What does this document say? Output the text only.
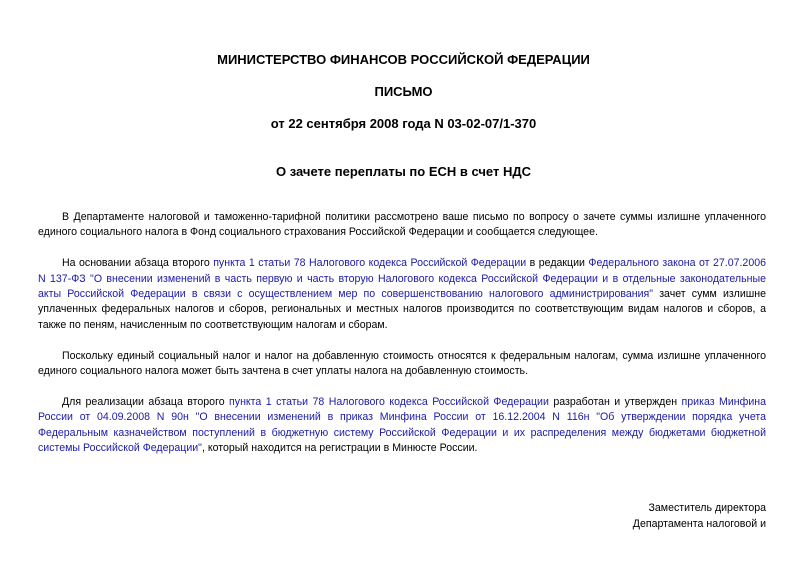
МИНИСТЕРСТВО ФИНАНСОВ РОССИЙСКОЙ ФЕДЕРАЦИИ
ПИСЬМО
от 22 сентября 2008 года N 03-02-07/1-370
О зачете переплаты по ЕСН в счет НДС

В Департаменте налоговой и таможенно-тарифной политики рассмотрено ваше письмо по вопросу о зачете суммы излишне уплаченного единого социального налога в Фонд социального страхования Российской Федерации и сообщается следующее.

На основании абзаца второго пункта 1 статьи 78 Налогового кодекса Российской Федерации в редакции Федерального закона от 27.07.2006 N 137-ФЗ "О внесении изменений в часть первую и часть вторую Налогового кодекса Российской Федерации и в отдельные законодательные акты Российской Федерации в связи с осуществлением мер по совершенствованию налогового администрирования" зачет сумм излишне уплаченных федеральных налогов и сборов, региональных и местных налогов производится по соответствующим видам налогов и сборов, а также по пеням, начисленным по соответствующим налогам и сборам.

Поскольку единый социальный налог и налог на добавленную стоимость относятся к федеральным налогам, сумма излишне уплаченного единого социального налога может быть зачтена в счет уплаты налога на добавленную стоимость.

Для реализации абзаца второго пункта 1 статьи 78 Налогового кодекса Российской Федерации разработан и утвержден приказ Минфина России от 04.09.2008 N 90н "О внесении изменений в приказ Минфина России от 16.12.2004 N 116н "Об утверждении порядка учета Федеральным казначейством поступлений в бюджетную систему Российской Федерации и их распределения между бюджетами бюджетной системы Российской Федерации", который находится на регистрации в Минюсте России.

Заместитель директора
Департамента налоговой и
